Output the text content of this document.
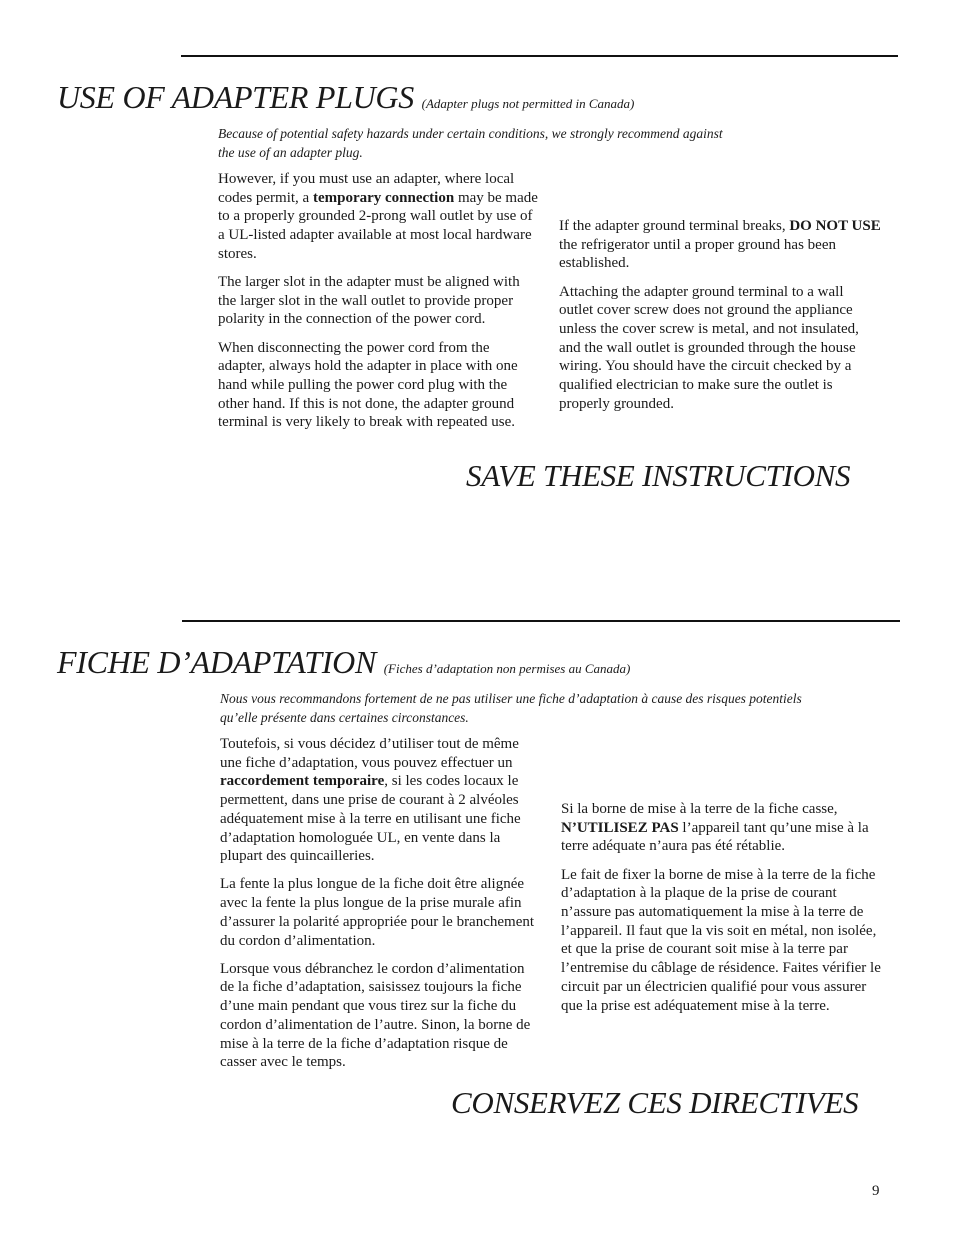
USE OF ADAPTER PLUGS (Adapter plugs not permitted in Canada)

Because of potential safety hazards under certain conditions, we strongly recommend against
the use of an adapter plug.

However, if you must use an adapter, where local codes permit, a temporary connection may be made to a properly grounded 2-prong wall outlet by use of a UL-listed adapter available at most local hardware stores.

The larger slot in the adapter must be aligned with the larger slot in the wall outlet to provide proper polarity in the connection of the power cord.

When disconnecting the power cord from the adapter, always hold the adapter in place with one hand while pulling the power cord plug with the other hand. If this is not done, the adapter ground terminal is very likely to break with repeated use.

If the adapter ground terminal breaks, DO NOT USE the refrigerator until a proper ground has been established.

Attaching the adapter ground terminal to a wall outlet cover screw does not ground the appliance unless the cover screw is metal, and not insulated, and the wall outlet is grounded through the house wiring. You should have the circuit checked by a qualified electrician to make sure the outlet is properly grounded.

SAVE THESE INSTRUCTIONS
FICHE D’ADAPTATION (Fiches d’adaptation non permises au Canada)

Nous vous recommandons fortement de ne pas utiliser une fiche d’adaptation à cause des risques potentiels
qu’elle présente dans certaines circonstances.

Toutefois, si vous décidez d’utiliser tout de même une fiche d’adaptation, vous pouvez effectuer un raccordement temporaire, si les codes locaux le permettent, dans une prise de courant à 2 alvéoles adéquatement mise à la terre en utilisant une fiche d’adaptation homologuée UL, en vente dans la plupart des quincailleries.

La fente la plus longue de la fiche doit être alignée avec la fente la plus longue de la prise murale afin d’assurer la polarité appropriée pour le branchement du cordon d’alimentation.

Lorsque vous débranchez le cordon d’alimentation de la fiche d’adaptation, saisissez toujours la fiche d’une main pendant que vous tirez sur la fiche du cordon d’alimentation de l’autre. Sinon, la borne de mise à la terre de la fiche d’adaptation risque de casser avec le temps.

Si la borne de mise à la terre de la fiche casse, N’UTILISEZ PAS l’appareil tant qu’une mise à la terre adéquate n’aura pas été rétablie.

Le fait de fixer la borne de mise à la terre de la fiche d’adaptation à la plaque de la prise de courant n’assure pas automatiquement la mise à la terre de l’appareil. Il faut que la vis soit en métal, non isolée, et que la prise de courant soit mise à la terre par l’entremise du câblage de résidence. Faites vérifier le circuit par un électricien qualifié pour vous assurer que la prise est adéquatement mise à la terre.

CONSERVEZ CES DIRECTIVES
9
